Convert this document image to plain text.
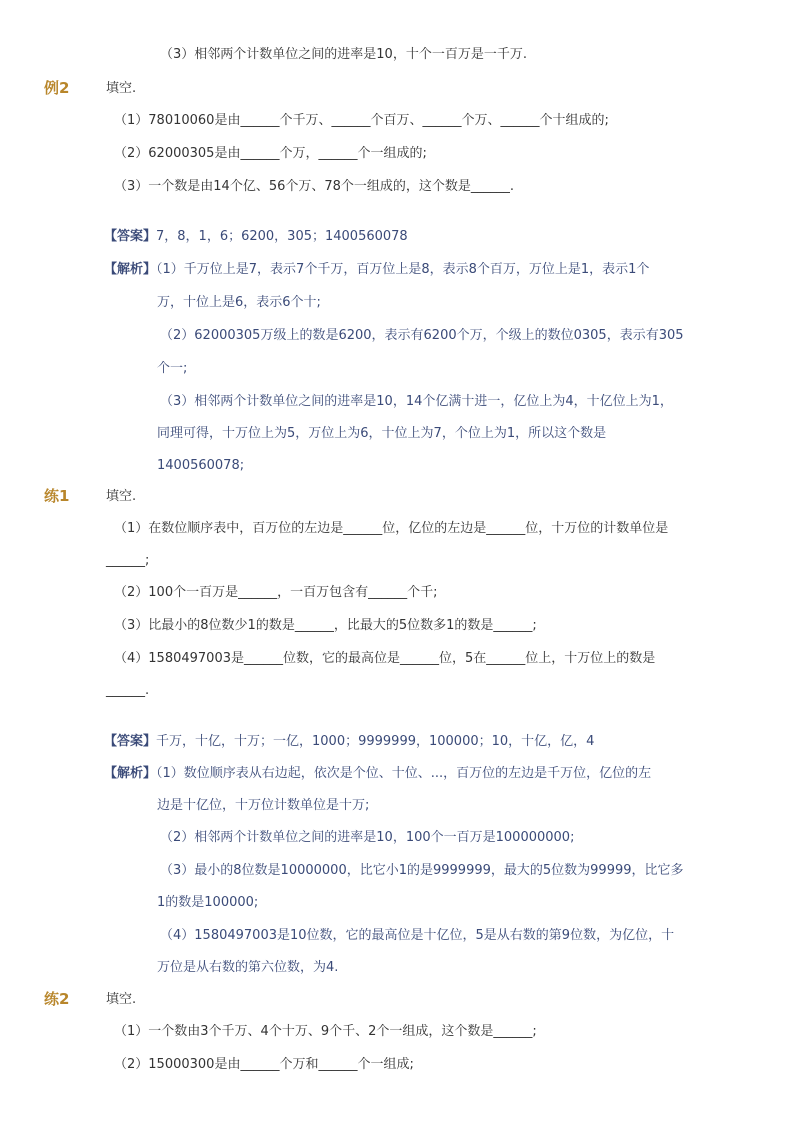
（3）相邻两个计数单位之间的进率是10，十个一百万是一千万.
例2	填空.
（1）78010060是由______个千万、______个百万、______个万、______个十组成的;
（2）62000305是由______个万，______个一组成的;
（3）一个数是由14个亿、56个万、78个一组成的，这个数是______.
【答案】7，8，1，6；6200，305；1400560078
【解析】（1）千万位上是7，表示7个千万，百万位上是8，表示8个百万，万位上是1，表示1个
万，十位上是6，表示6个十;
（2）62000305万级上的数是6200，表示有6200个万，个级上的数位0305，表示有305
个一;
（3）相邻两个计数单位之间的进率是10，14个亿满十进一，亿位上为4，十亿位上为1，
同理可得，十万位上为5，万位上为6，十位上为7，个位上为1，所以这个数是
1400560078;
练1	填空.
（1）在数位顺序表中，百万位的左边是______位，亿位的左边是______位，十万位的计数单位是
______;
（2）100个一百万是______，一百万包含有______个千;
（3）比最小的8位数少1的数是______，比最大的5位数多1的数是______;
（4）1580497003是______位数，它的最高位是______位，5在______位上，十万位上的数是
______.
【答案】千万，十亿，十万；一亿，1000；9999999，100000；10，十亿，亿，4
【解析】（1）数位顺序表从右边起，依次是个位、十位、...，百万位的左边是千万位，亿位的左
边是十亿位，十万位计数单位是十万;
（2）相邻两个计数单位之间的进率是10，100个一百万是100000000;
（3）最小的8位数是10000000，比它小1的是9999999，最大的5位数为99999，比它多
1的数是100000;
（4）1580497003是10位数，它的最高位是十亿位，5是从右数的第9位数，为亿位，十
万位是从右数的第六位数，为4.
练2	填空.
（1）一个数由3个千万、4个十万、9个千、2个一组成，这个数是______;
（2）15000300是由______个万和______个一组成;
